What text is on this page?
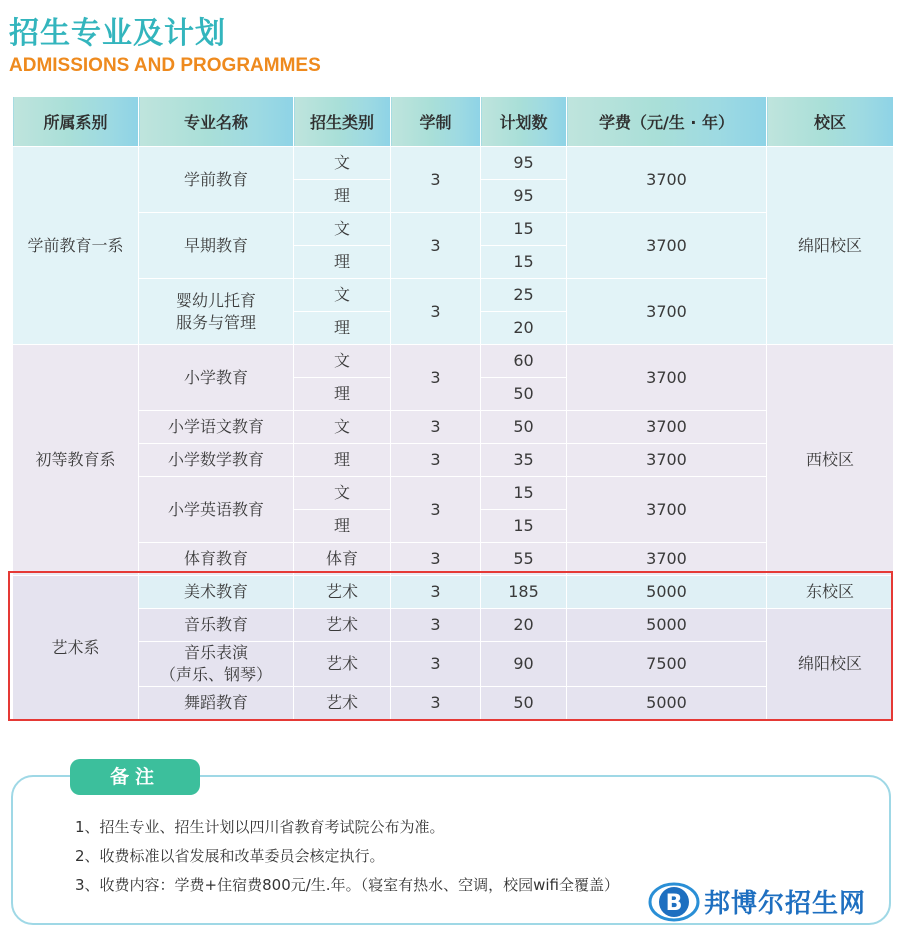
招生专业及计划
ADMISSIONS AND PROGRAMMES
所属系别	专业名称	招生类别	学制	计划数	学费（元/生 · 年）	校区
学前教育一系	学前教育	文	3	95	3700	绵阳校区
		理		95		
	早期教育	文	3	15	3700	
		理		15		
	婴幼儿托育
服务与管理	文	3	25	3700	
		理		20		
初等教育系	小学教育	文	3	60	3700	西校区
		理		50		
	小学语文教育	文	3	50	3700	
	小学数学教育	理	3	35	3700	
	小学英语教育	文	3	15	3700	
		理		15		
	体育教育	体育	3	55	3700	
艺术系	美术教育	艺术	3	185	5000	东校区
	音乐教育	艺术	3	20	5000	绵阳校区
	音乐表演
（声乐、钢琴）	艺术	3	90	7500	
	舞蹈教育	艺术	3	50	5000	
备注
1、招生专业、招生计划以四川省教育考试院公布为准。
2、收费标准以省发展和改革委员会核定执行。
3、收费内容：学费+住宿费800元/生.年。（寝室有热水、空调，校园wifi全覆盖）
B 邦博尔招生网
